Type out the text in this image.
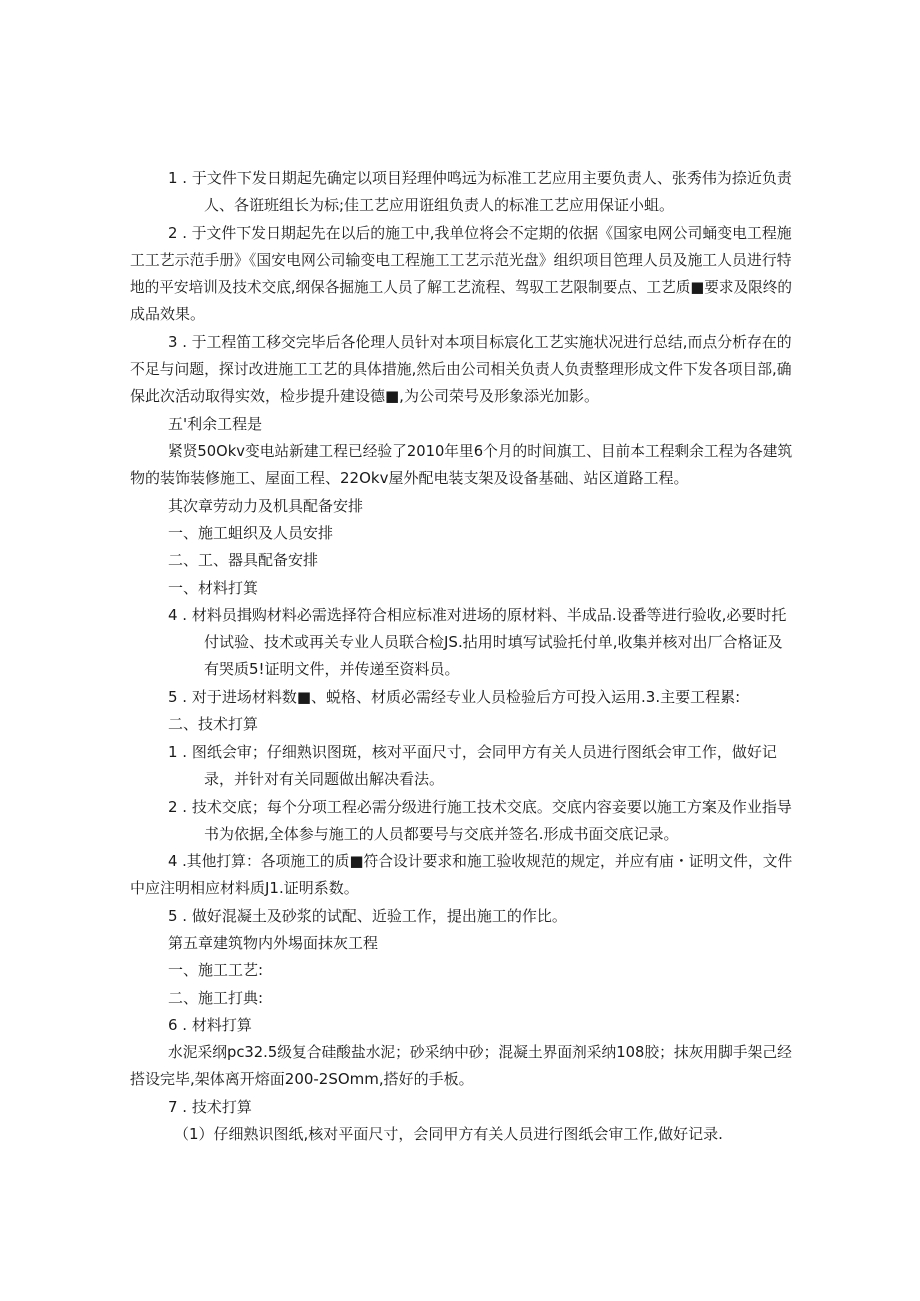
1 . 于文件下发日期起先确定以项目羟理仲鸣远为标准工艺应用主要负责人、张秀伟为捺近负责
人、各诳班组长为标;佳工艺应用诳组负责人的标准工艺应用保证小蛆。
2 . 于文件下发日期起先在以后的施工中,我单位将会不定期的依据《国家电网公司蛹变电工程施
工工艺示范手册》《国安电网公司输变电工程施工工艺示范光盘》组织项目笆理人员及施工人员进行特
地的平安培训及技术交底,纲保各掘施工人员了解工艺流程、驾驭工艺限制要点、工艺质■要求及限终的
成品效果。
3 . 于工程笛工移交完毕后各伦理人员针对本项目标宸化工艺实施状况进行总结,而点分析存在的
不足与问题，探讨改进施工工艺的具体措施,然后由公司相关负责人负责整理形成文件下发各项目部,确
保此次活动取得实效，检步提升建设德■,为公司荣号及形象添光加影。
五'利余工程是
紧贤50Okv变电站新建工程已经验了2010年里6个月的时间旗工、目前本工程剩余工程为各建筑
物的装饰装修施工、屋面工程、22Okv屋外配电装支架及设备基础、站区道路工程。
其次章劳动力及机具配备安排
一、施工蛆织及人员安排
二、工、器具配备安排
一、材料打箕
4 . 材料员揖购材料必需选择符合相应标准对进场的原材料、半成品.设番等进行验收,必要时托
付试验、技术或再关专业人员联合检JS.拈用时填写试验托付单,收集并核对出厂合格证及
有哭质5!证明文件，并传递至资料员。
5 . 对于进场材料数■、蜕格、材质必需经专业人员检验后方可投入运用.3.主要工程累:
二、技术打算
1 . 图纸会审；仔细熟识图斑，核对平面尺寸，会同甲方有关人员进行图纸会审工作，做好记
录，并针对有关同题做出解决看法。
2 . 技术交底；每个分项工程必需分级进行施工技术交底。交底内容妾要以施工方案及作业指导
书为依据,全体参与施工的人员都要号与交底并签名.形成书面交底记录。
4 .其他打算：各项施工的质■符合设计要求和施工验收规范的规定，并应有庙・证明文件，文件
中应注明相应材料质J1.证明系数。
5 . 做好混凝土及砂浆的试配、近验工作，提出施工的作比。
第五章建筑物内外埸面抹灰工程
一、施工工艺:
二、施工打典:
6 . 材料打算
水泥采纲pc32.5级复合硅酸盐水泥；砂采纳中砂；混凝土界面剂采纳108胶；抹灰用脚手架己经
搭设完毕,架体离开熔面200-2SOmm,搭好的手板。
7 . 技术打算
（1）仔细熟识图纸,核对平面尺寸，会同甲方有关人员进行图纸会审工作,做好记录.
